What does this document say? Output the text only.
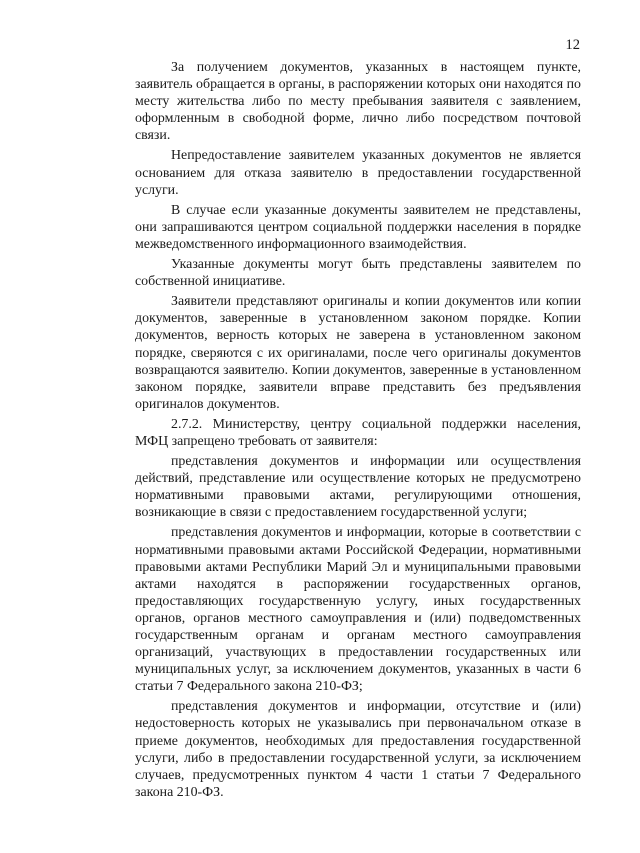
12

За получением документов, указанных в настоящем пункте, заявитель обращается в органы, в распоряжении которых они находятся по месту жительства либо по месту пребывания заявителя с заявлением, оформленным в свободной форме, лично либо посредством почтовой связи.

Непредоставление заявителем указанных документов не является основанием для отказа заявителю в предоставлении государственной услуги.

В случае если указанные документы заявителем не представлены, они запрашиваются центром социальной поддержки населения в порядке межведомственного информационного взаимодействия.

Указанные документы могут быть представлены заявителем по собственной инициативе.

Заявители представляют оригиналы и копии документов или копии документов, заверенные в установленном законом порядке. Копии документов, верность которых не заверена в установленном законом порядке, сверяются с их оригиналами, после чего оригиналы документов возвращаются заявителю. Копии документов, заверенные в установленном законом порядке, заявители вправе представить без предъявления оригиналов документов.

2.7.2. Министерству, центру социальной поддержки населения, МФЦ запрещено требовать от заявителя:

представления документов и информации или осуществления действий, представление или осуществление которых не предусмотрено нормативными правовыми актами, регулирующими отношения, возникающие в связи с предоставлением государственной услуги;

представления документов и информации, которые в соответствии с нормативными правовыми актами Российской Федерации, нормативными правовыми актами Республики Марий Эл и муниципальными правовыми актами находятся в распоряжении государственных органов, предоставляющих государственную услугу, иных государственных органов, органов местного самоуправления и (или) подведомственных государственным органам и органам местного самоуправления организаций, участвующих в предоставлении государственных или муниципальных услуг, за исключением документов, указанных в части 6 статьи 7 Федерального закона 210-ФЗ;

представления документов и информации, отсутствие и (или) недостоверность которых не указывались при первоначальном отказе в приеме документов, необходимых для предоставления государственной услуги, либо в предоставлении государственной услуги, за исключением случаев, предусмотренных пунктом 4 части 1 статьи 7 Федерального закона 210-ФЗ.
